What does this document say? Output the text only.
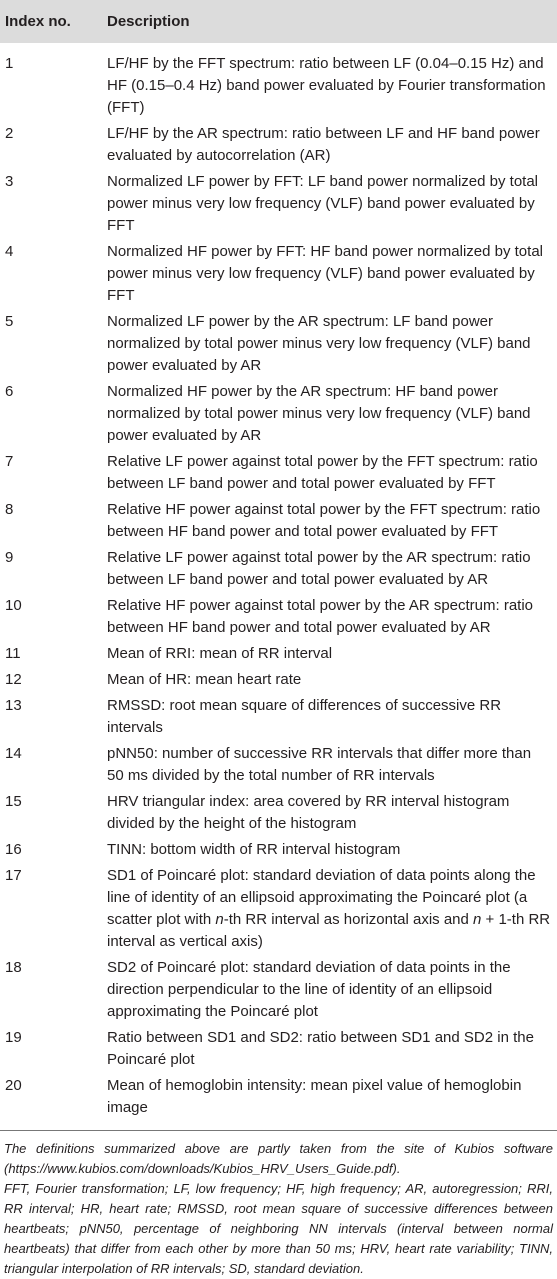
Index no.	Description
1	LF/HF by the FFT spectrum: ratio between LF (0.04–0.15 Hz) and HF (0.15–0.4 Hz) band power evaluated by Fourier transformation (FFT)
2	LF/HF by the AR spectrum: ratio between LF and HF band power evaluated by autocorrelation (AR)
3	Normalized LF power by FFT: LF band power normalized by total power minus very low frequency (VLF) band power evaluated by FFT
4	Normalized HF power by FFT: HF band power normalized by total power minus very low frequency (VLF) band power evaluated by FFT
5	Normalized LF power by the AR spectrum: LF band power normalized by total power minus very low frequency (VLF) band power evaluated by AR
6	Normalized HF power by the AR spectrum: HF band power normalized by total power minus very low frequency (VLF) band power evaluated by AR
7	Relative LF power against total power by the FFT spectrum: ratio between LF band power and total power evaluated by FFT
8	Relative HF power against total power by the FFT spectrum: ratio between HF band power and total power evaluated by FFT
9	Relative LF power against total power by the AR spectrum: ratio between LF band power and total power evaluated by AR
10	Relative HF power against total power by the AR spectrum: ratio between HF band power and total power evaluated by AR
11	Mean of RRI: mean of RR interval
12	Mean of HR: mean heart rate
13	RMSSD: root mean square of differences of successive RR intervals
14	pNN50: number of successive RR intervals that differ more than 50 ms divided by the total number of RR intervals
15	HRV triangular index: area covered by RR interval histogram divided by the height of the histogram
16	TINN: bottom width of RR interval histogram
17	SD1 of Poincaré plot: standard deviation of data points along the line of identity of an ellipsoid approximating the Poincaré plot (a scatter plot with n-th RR interval as horizontal axis and n + 1-th RR interval as vertical axis)
18	SD2 of Poincaré plot: standard deviation of data points in the direction perpendicular to the line of identity of an ellipsoid approximating the Poincaré plot
19	Ratio between SD1 and SD2: ratio between SD1 and SD2 in the Poincaré plot
20	Mean of hemoglobin intensity: mean pixel value of hemoglobin image

The definitions summarized above are partly taken from the site of Kubios software (https://www.kubios.com/downloads/Kubios_HRV_Users_Guide.pdf).

FFT, Fourier transformation; LF, low frequency; HF, high frequency; AR, autoregression; RRI, RR interval; HR, heart rate; RMSSD, root mean square of successive differences between heartbeats; pNN50, percentage of neighboring NN intervals (interval between normal heartbeats) that differ from each other by more than 50 ms; HRV, heart rate variability; TINN, triangular interpolation of RR intervals; SD, standard deviation.
